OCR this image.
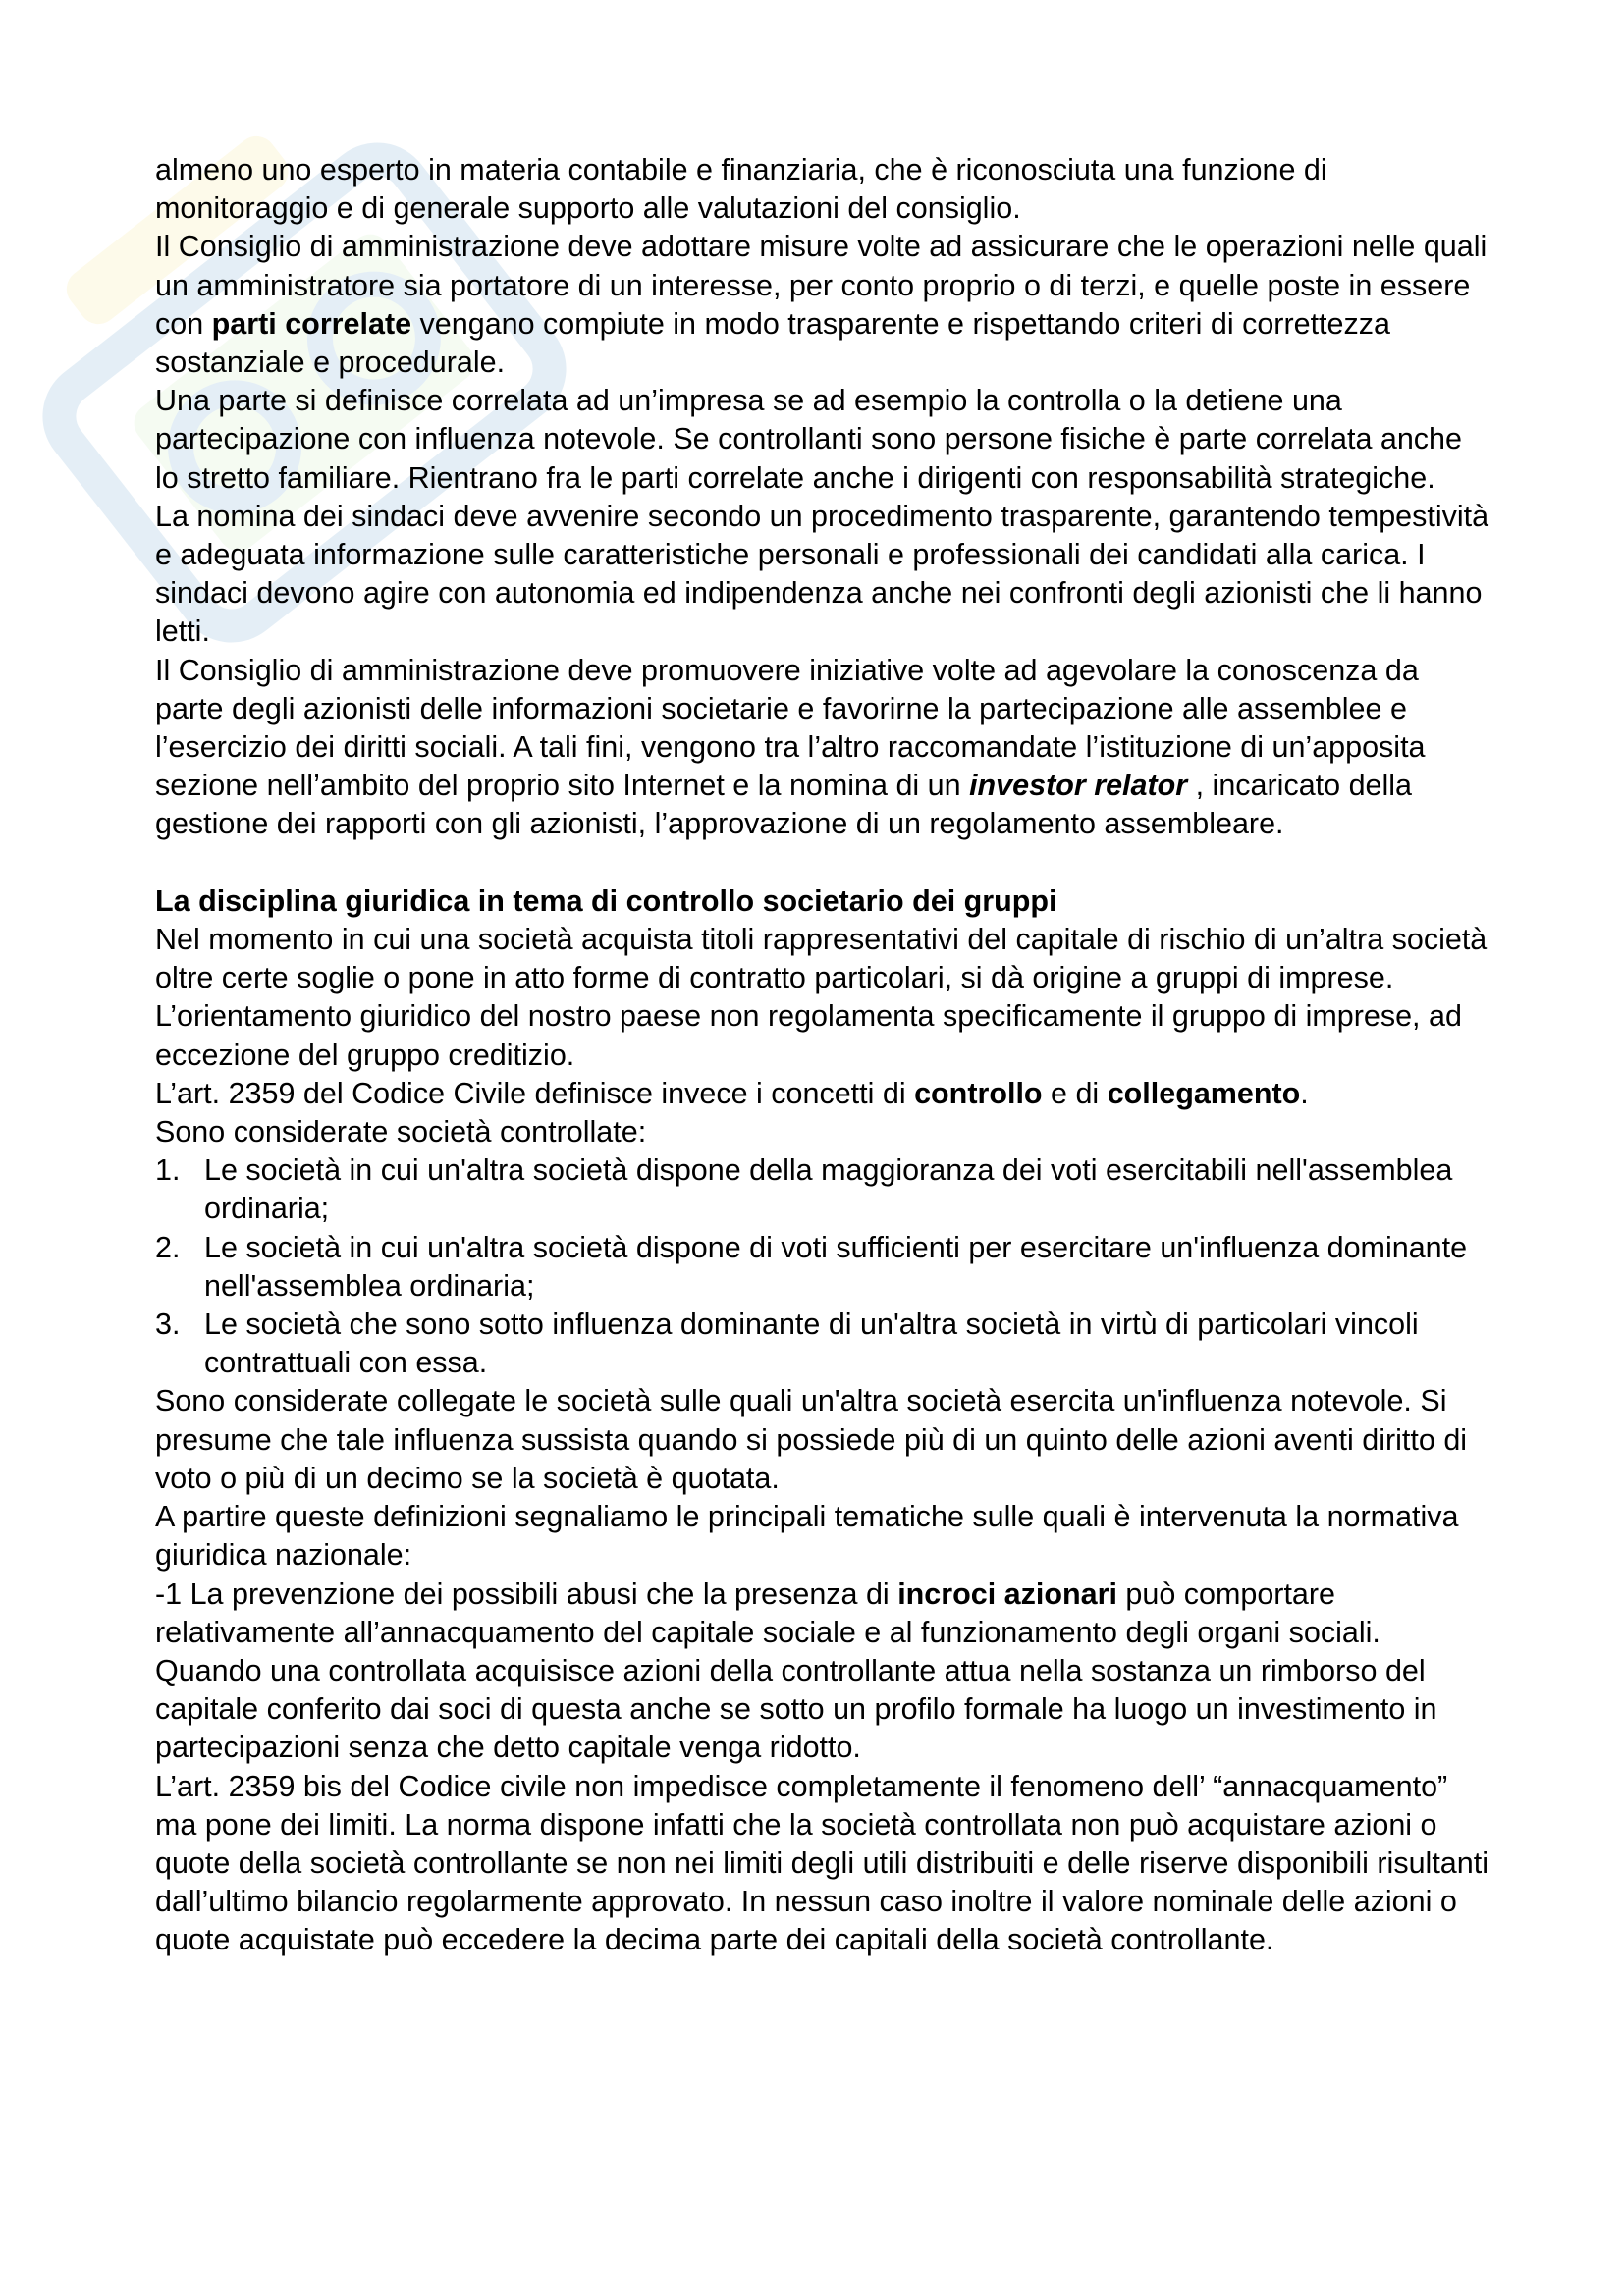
almeno uno esperto in materia contabile e finanziaria, che è riconosciuta una funzione di monitoraggio e di generale supporto alle valutazioni del consiglio.

Il Consiglio di amministrazione deve adottare misure volte ad assicurare che le operazioni nelle quali un amministratore sia portatore di un interesse, per conto proprio o di terzi, e quelle poste in essere con parti correlate vengano compiute in modo trasparente e rispettando criteri di correttezza sostanziale e procedurale.

Una parte si definisce correlata ad un’impresa se ad esempio la controlla o la detiene una partecipazione con influenza notevole. Se controllanti sono persone fisiche è parte correlata anche lo stretto familiare. Rientrano fra le parti correlate anche i dirigenti con responsabilità strategiche.

La nomina dei sindaci deve avvenire secondo un procedimento trasparente, garantendo tempestività e adeguata informazione sulle caratteristiche personali e professionali dei candidati alla carica. I sindaci devono agire con autonomia ed indipendenza anche nei confronti degli azionisti che li hanno letti.

Il Consiglio di amministrazione deve promuovere iniziative volte ad agevolare la conoscenza da parte degli azionisti delle informazioni societarie e favorirne la partecipazione alle assemblee e l’esercizio dei diritti sociali. A tali fini, vengono tra l’altro raccomandate l’istituzione di un’apposita sezione nell’ambito del proprio sito Internet e la nomina di un investor relator , incaricato della gestione dei rapporti con gli azionisti, l’approvazione di un regolamento assembleare.

La disciplina giuridica in tema di controllo societario dei gruppi

Nel momento in cui una società acquista titoli rappresentativi del capitale di rischio di un’altra società oltre certe soglie o pone in atto forme di contratto particolari, si dà origine a gruppi di imprese.

L’orientamento giuridico del nostro paese non regolamenta specificamente il gruppo di imprese, ad eccezione del gruppo creditizio.

L’art. 2359 del Codice Civile definisce invece i concetti di controllo e di collegamento.

Sono considerate società controllate:

1. Le società in cui un'altra società dispone della maggioranza dei voti esercitabili nell'assemblea ordinaria;
2. Le società in cui un'altra società dispone di voti sufficienti per esercitare un'influenza dominante nell'assemblea ordinaria;
3. Le società che sono sotto influenza dominante di un'altra società in virtù di particolari vincoli contrattuali con essa.

Sono considerate collegate le società sulle quali un'altra società esercita un'influenza notevole. Si presume che tale influenza sussista quando si possiede più di un quinto delle azioni aventi diritto di voto o più di un decimo se la società è quotata.

A partire queste definizioni segnaliamo le principali tematiche sulle quali è intervenuta la normativa giuridica nazionale:

-1 La prevenzione dei possibili abusi che la presenza di incroci azionari può comportare relativamente all’annacquamento del capitale sociale e al funzionamento degli organi sociali.

Quando una controllata acquisisce azioni della controllante attua nella sostanza un rimborso del capitale conferito dai soci di questa anche se sotto un profilo formale ha luogo un investimento in partecipazioni senza che detto capitale venga ridotto.

L’art. 2359 bis del Codice civile non impedisce completamente il fenomeno dell’ “annacquamento” ma pone dei limiti. La norma dispone infatti che la società controllata non può acquistare azioni o quote della società controllante se non nei limiti degli utili distribuiti e delle riserve disponibili risultanti dall’ultimo bilancio regolarmente approvato. In nessun caso inoltre il valore nominale delle azioni o quote acquistate può eccedere la decima parte dei capitali della società controllante.
